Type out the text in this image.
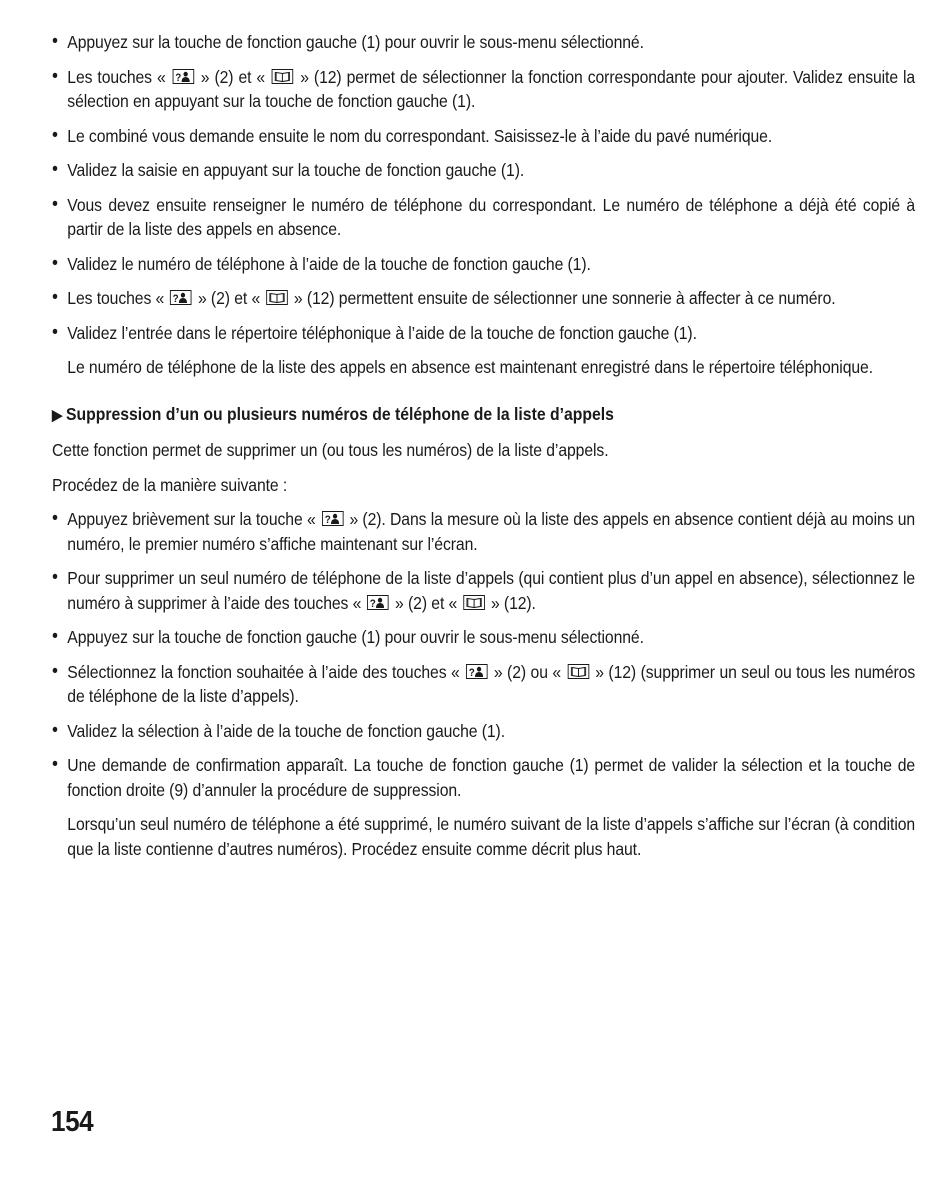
• Appuyez sur la touche de fonction gauche (1) pour ouvrir le sous-menu sélectionné.
• Les touches « ? » (2) et «
» (12) permet de sélectionner la fonction correspondante pour ajouter. Validez ensuite la sélection en appuyant sur la touche de fonction gauche (1).
• Le combiné vous demande ensuite le nom du correspondant. Saisissez-le à l’aide du pavé numérique.
• Validez la saisie en appuyant sur la touche de fonction gauche (1).
• Vous devez ensuite renseigner le numéro de téléphone du correspondant. Le numéro de téléphone a déjà été copié à partir de la liste des appels en absence.
• Validez le numéro de téléphone à l’aide de la touche de fonction gauche (1).
• Les touches « ? » (2) et «
» (12) permettent ensuite de sélectionner une sonnerie à affecter à ce numéro.
• Validez l’entrée dans le répertoire téléphonique à l’aide de la touche de fonction gauche (1).
Le numéro de téléphone de la liste des appels en absence est maintenant enregistré dans le répertoire téléphonique.
▶ Suppression d’un ou plusieurs numéros de téléphone de la liste d’appels
Cette fonction permet de supprimer un (ou tous les numéros) de la liste d’appels.
Procédez de la manière suivante :
• Appuyez brièvement sur la touche « ? » (2). Dans la mesure où la liste des appels en absence contient déjà au moins un numéro, le premier numéro s’affiche maintenant sur l’écran.
• Pour supprimer un seul numéro de téléphone de la liste d’appels (qui contient plus d’un appel en absence), sélectionnez le numéro à supprimer à l’aide des touches « ? » (2) et «
» (12).
• Appuyez sur la touche de fonction gauche (1) pour ouvrir le sous-menu sélectionné.
• Sélectionnez la fonction souhaitée à l’aide des touches « ? » (2) ou «
» (12) (supprimer un seul ou tous les numéros de téléphone de la liste d’appels).
• Validez la sélection à l’aide de la touche de fonction gauche (1).
• Une demande de confirmation apparaît. La touche de fonction gauche (1) permet de valider la sélection et la touche de fonction droite (9) d’annuler la procédure de suppression.
Lorsqu’un seul numéro de téléphone a été supprimé, le numéro suivant de la liste d’appels s’affiche sur l’écran (à condition que la liste contienne d’autres numéros). Procédez ensuite comme décrit plus haut.
154
